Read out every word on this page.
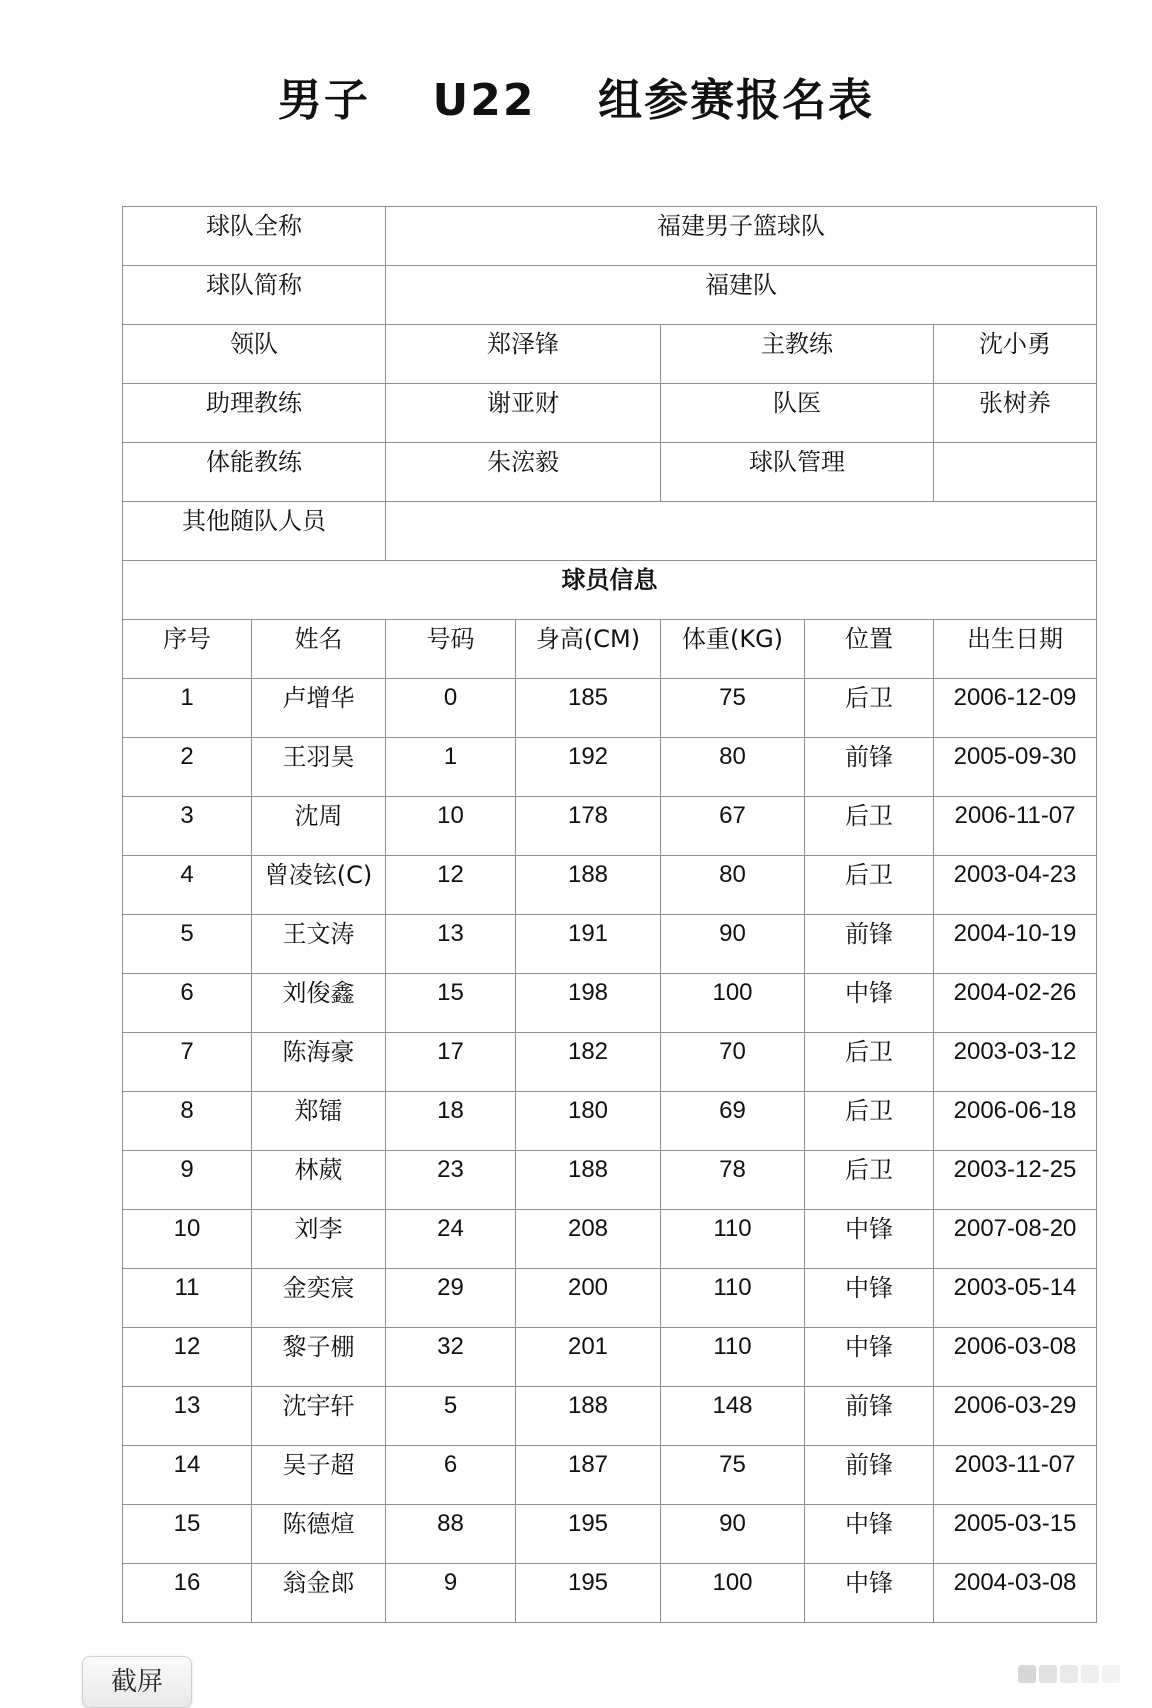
男子  U22  组参赛报名表
球队全称		福建男子篮球队				

球队简称		福建队				

领队		郑泽锋		主教练		沈小勇

助理教练		谢亚财		队医		张树养

体能教练		朱浤毅		球队管理		

其他随队人员						

球员信息						

序号	姓名	号码	身高(CM)	体重(KG)	位置	出生日期

1	卢增华	0	185	75	后卫	2006-12-09

2	王羽昊	1	192	80	前锋	2005-09-30

3	沈周	10	178	67	后卫	2006-11-07

4	曾凌铉(C)	12	188	80	后卫	2003-04-23

5	王文涛	13	191	90	前锋	2004-10-19

6	刘俊鑫	15	198	100	中锋	2004-02-26

7	陈海豪	17	182	70	后卫	2003-03-12

8	郑镭	18	180	69	后卫	2006-06-18

9	林葳	23	188	78	后卫	2003-12-25

10	刘李	24	208	110	中锋	2007-08-20

11	金奕宸	29	200	110	中锋	2003-05-14

12	黎子棚	32	201	110	中锋	2006-03-08

13	沈宇轩	5	188	148	前锋	2006-03-29

14	吴子超	6	187	75	前锋	2003-11-07

15	陈德煊	88	195	90	中锋	2005-03-15

16	翁金郎	9	195	100	中锋	2004-03-08
截屏
